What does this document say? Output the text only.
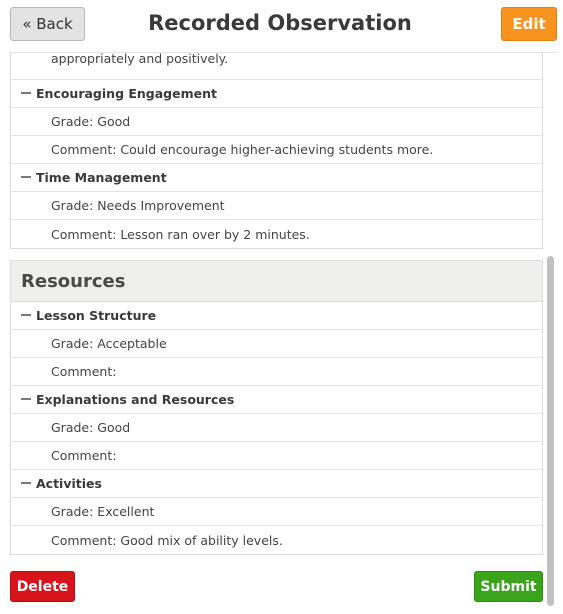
« Back	Recorded Observation	Edit
appropriately and positively.
Encouraging Engagement
Grade: Good
Comment: Could encourage higher-achieving students more.
Time Management
Grade: Needs Improvement
Comment: Lesson ran over by 2 minutes.
Resources
Lesson Structure
Grade: Acceptable
Comment:
Explanations and Resources
Grade: Good
Comment:
Activities
Grade: Excellent
Comment: Good mix of ability levels.
Delete	Submit
